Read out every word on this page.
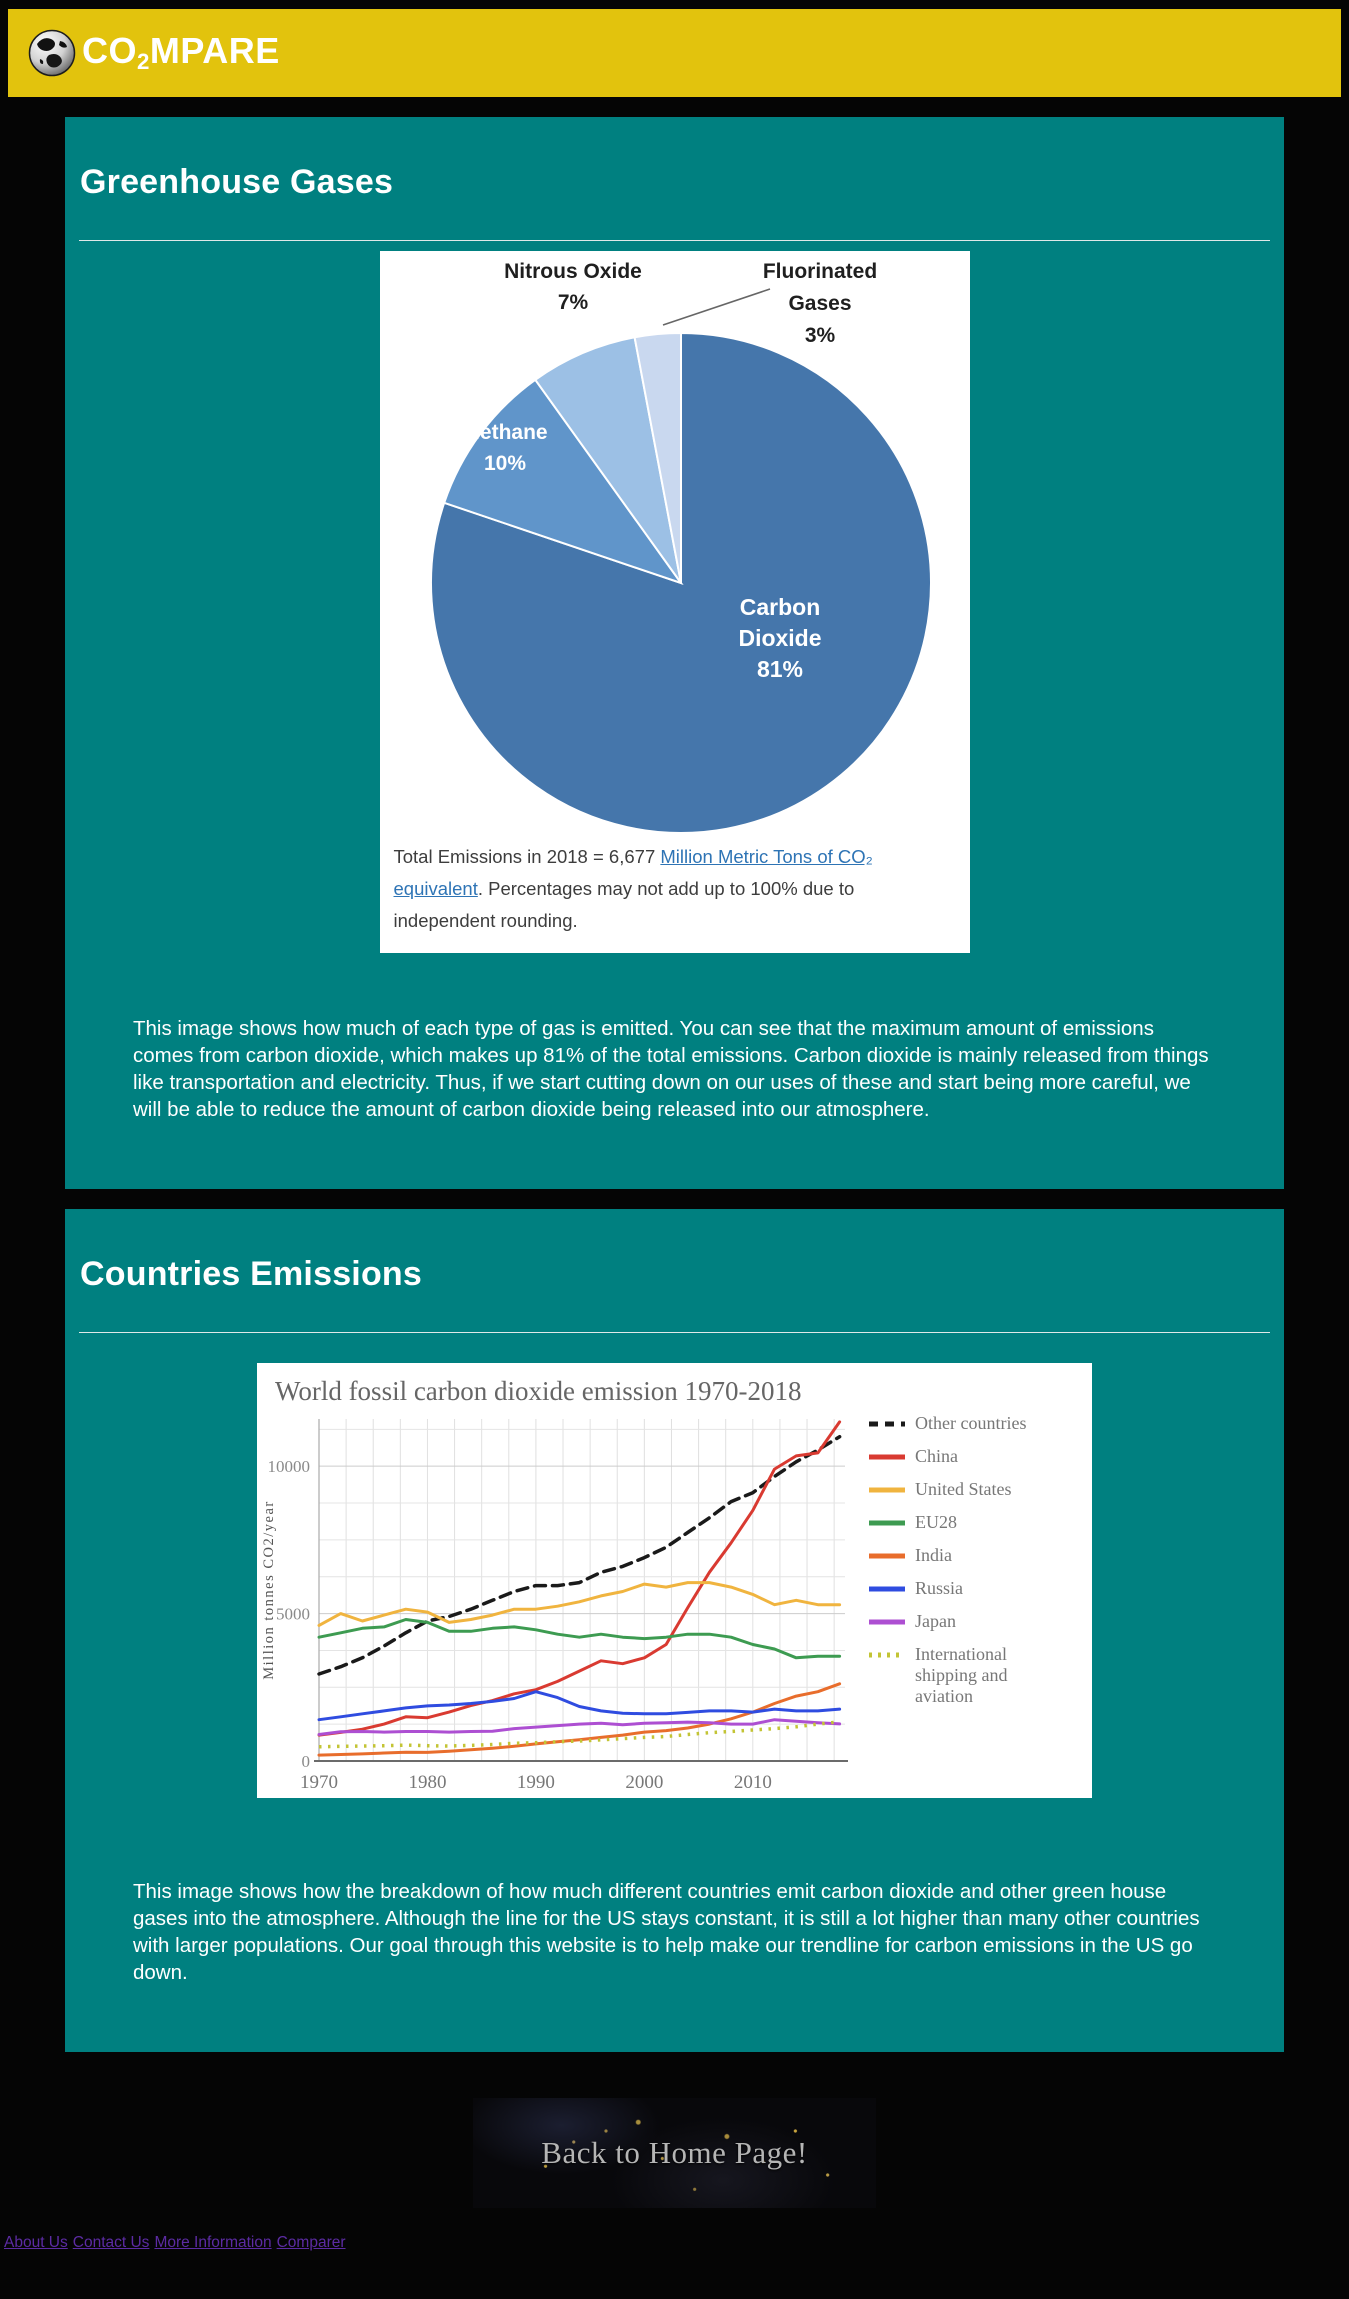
$CO_2MPARE$
Greenhouse Gases
Carbon
Dioxide
81%
Methane
10%
Nitrous Oxide
7%
Fluorinated
Gases
3%

Total Emissions in 2018 = 6,677 Million Metric Tons of CO₂ equivalent. Percentages may not add up to 100% due to independent rounding.

This image shows how much of each type of gas is emitted. You can see that the maximum amount of emissions comes from carbon dioxide, which makes up 81% of the total emissions. Carbon dioxide is mainly released from things like transportation and electricity. Thus, if we start cutting down on our uses of these and start being more careful, we will be able to reduce the amount of carbon dioxide being released into our atmosphere.

Countries Emissions
0
5000
10000
1970	1980	1990	2000	2010
Million tonnes CO2/year
World fossil carbon dioxide emission 1970-2018
Other countries
China
United States
EU28
India
Russia
Japan
International
shipping and
aviation

This image shows how the breakdown of how much different countries emit carbon dioxide and other green house gases into the atmosphere. Although the line for the US stays constant, it is still a lot higher than many other countries with larger populations. Our goal through this website is to help make our trendline for carbon emissions in the US go down.

Back to Home Page!
About Us Contact Us More Information Comparer
